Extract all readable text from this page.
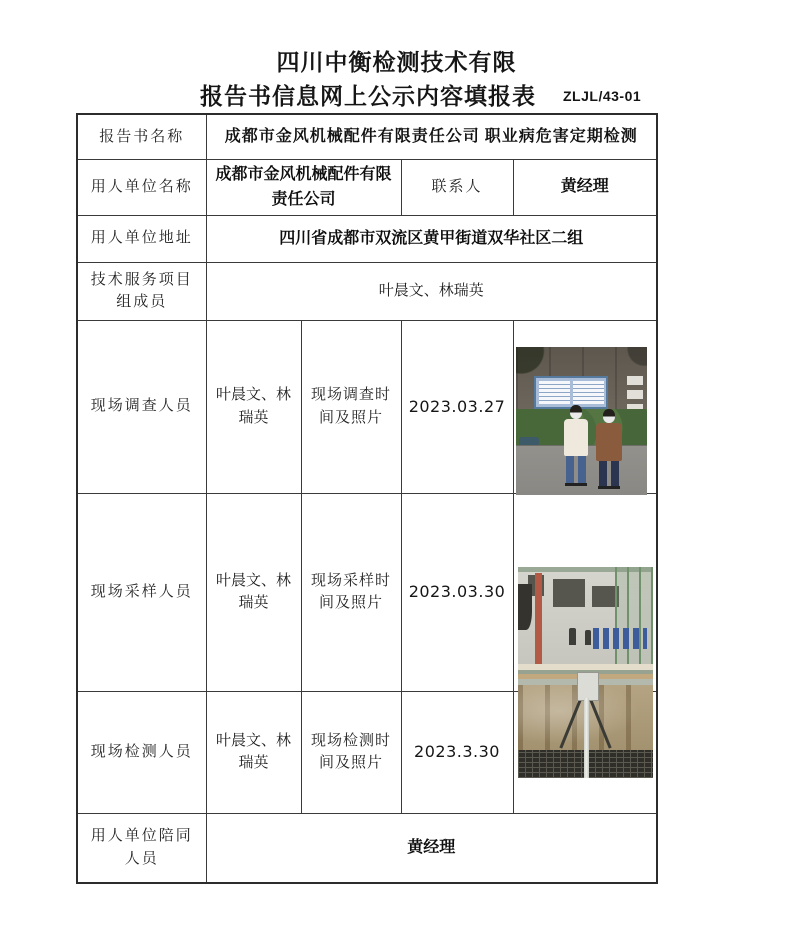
四川中衡检测技术有限
报告书信息网上公示内容填报表 ZLJL/43-01
报告书名称	成都市金风机械配件有限责任公司 职业病危害定期检测			
用人单位名称	成都市金风机械配件有限责任公司		联系人	黄经理
用人单位地址	四川省成都市双流区黄甲街道双华社区二组			
技术服务项目组成员	叶晨文、林瑞英			
现场调查人员	叶晨文、林瑞英	现场调查时间及照片	2023.03.27	

现场采样人员	叶晨文、林瑞英	现场采样时间及照片	2023.03.30	

现场检测人员	叶晨文、林瑞英	现场检测时间及照片	2023.3.30	
用人单位陪同人员	黄经理			
